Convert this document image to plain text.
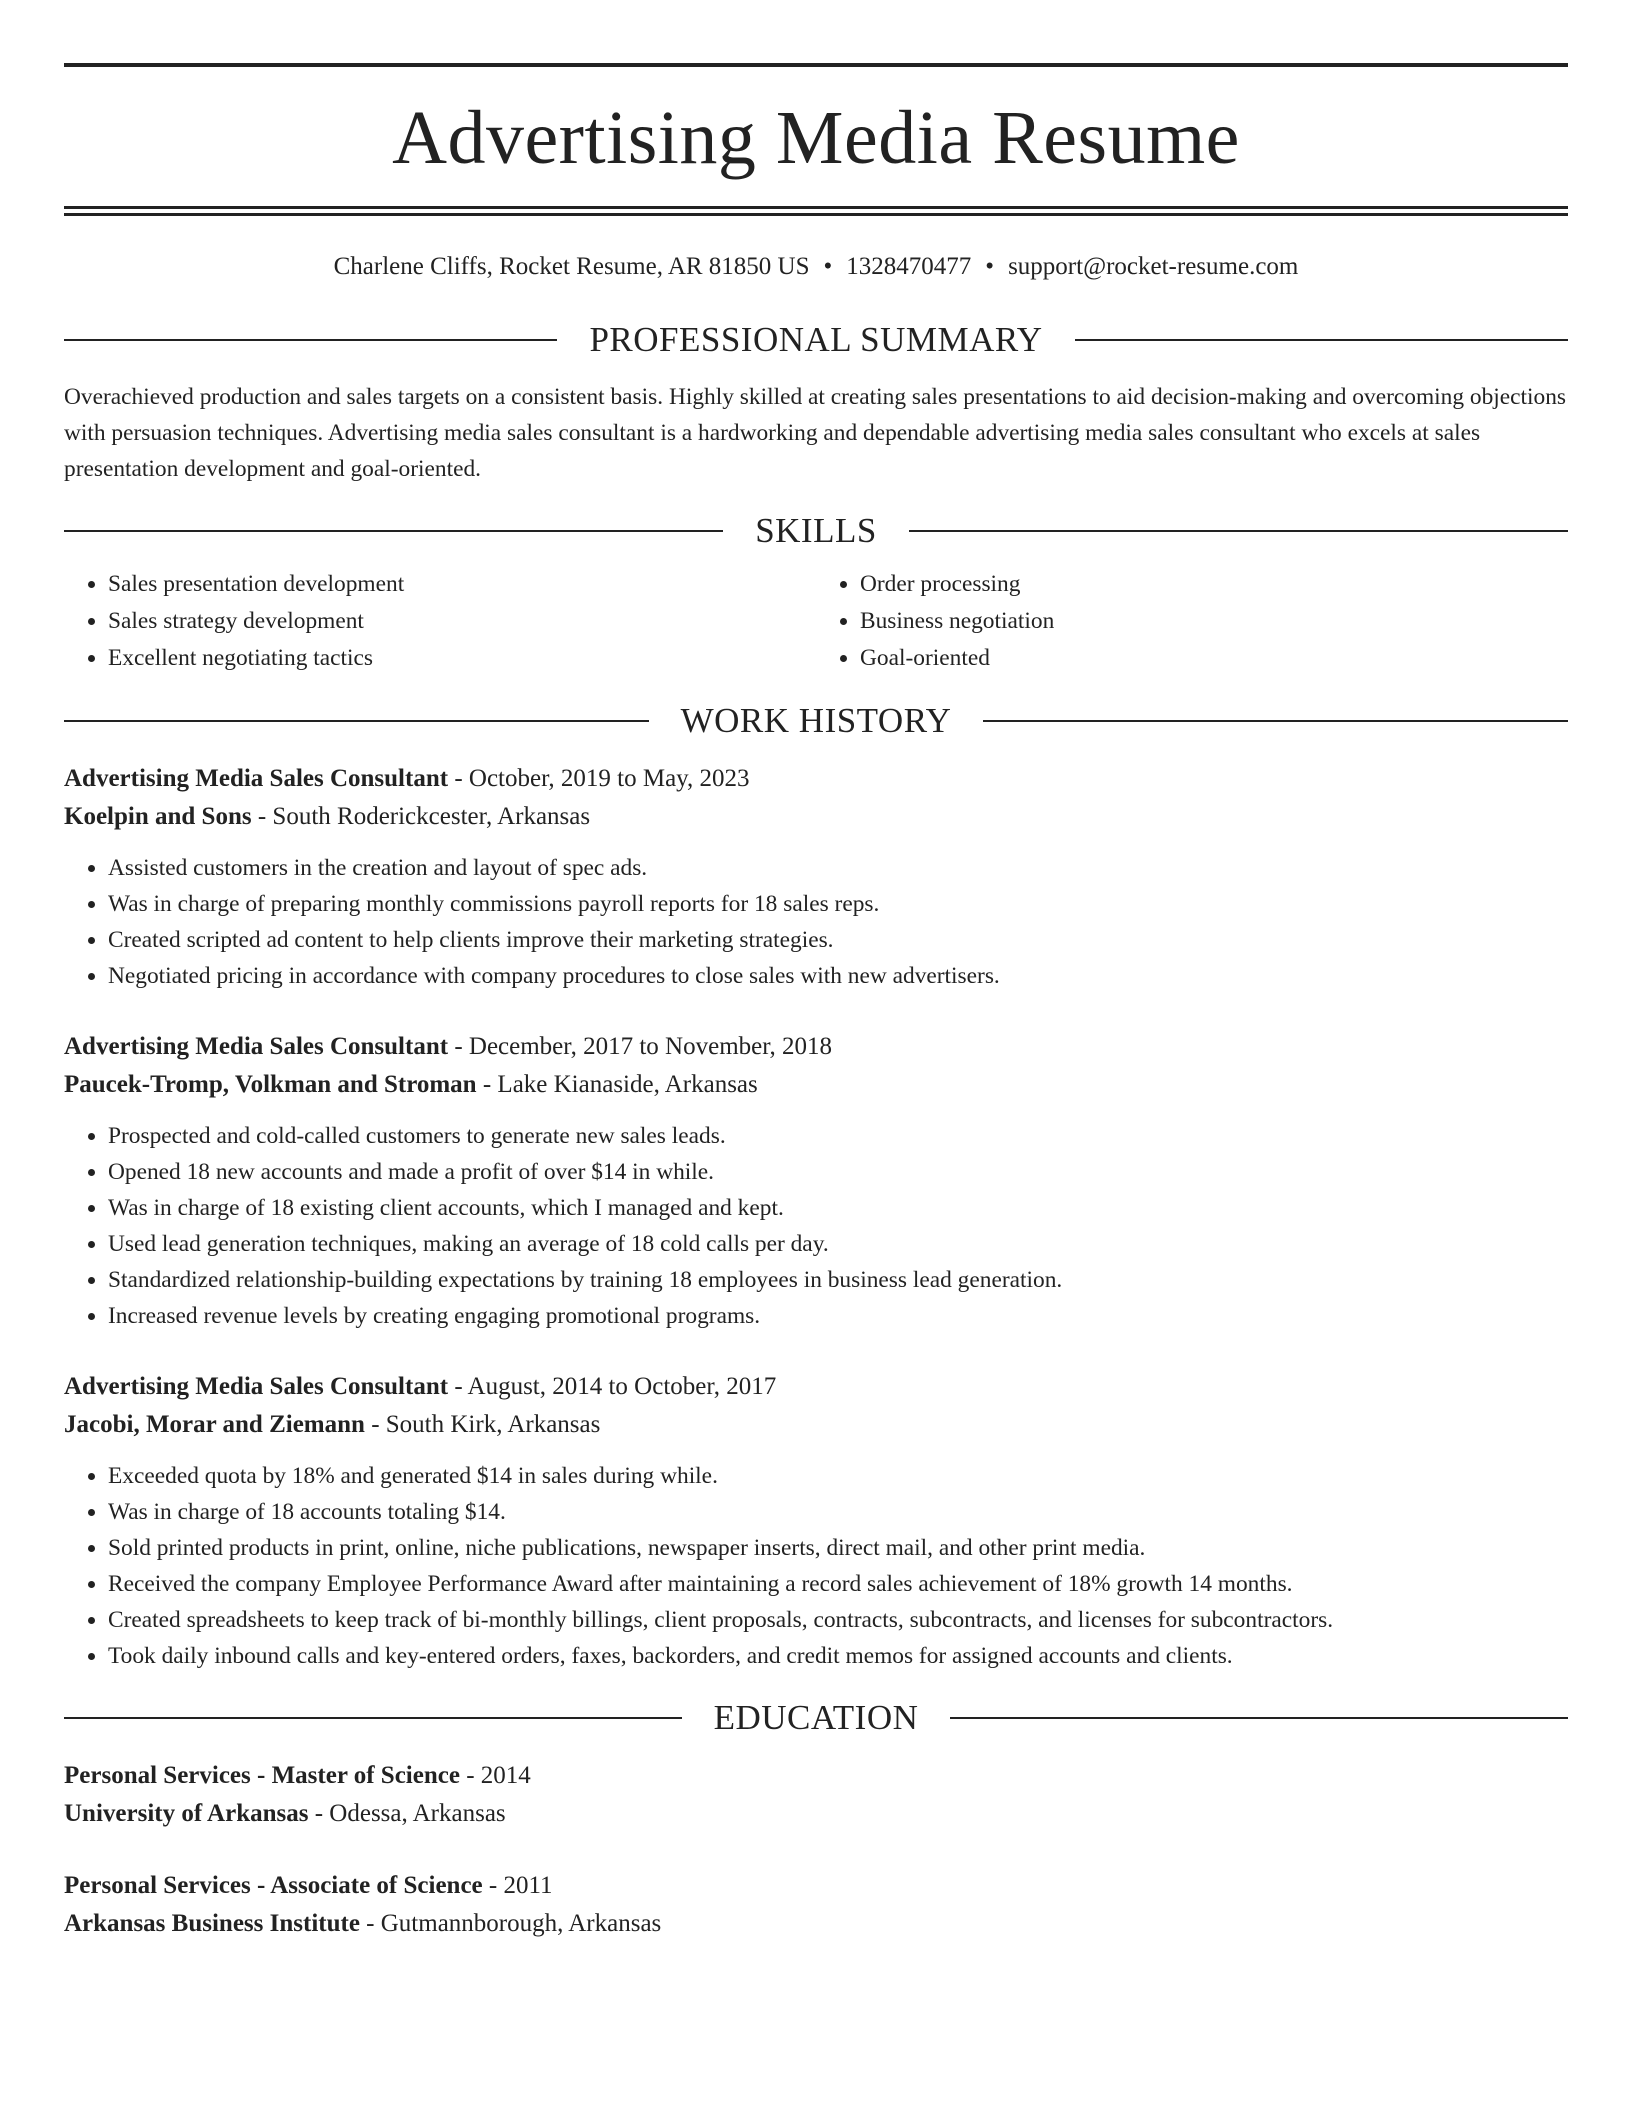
Advertising Media Resume
Charlene Cliffs, Rocket Resume, AR 81850 US • 1328470477 • support@rocket-resume.com
PROFESSIONAL SUMMARY
Overachieved production and sales targets on a consistent basis. Highly skilled at creating sales presentations to aid decision-making and overcoming objections with persuasion techniques. Advertising media sales consultant is a hardworking and dependable advertising media sales consultant who excels at sales presentation development and goal-oriented.
SKILLS
• Sales presentation development
• Sales strategy development
• Excellent negotiating tactics
• Order processing
• Business negotiation
• Goal-oriented
WORK HISTORY
Advertising Media Sales Consultant - October, 2019 to May, 2023
Koelpin and Sons - South Roderickcester, Arkansas
• Assisted customers in the creation and layout of spec ads.
• Was in charge of preparing monthly commissions payroll reports for 18 sales reps.
• Created scripted ad content to help clients improve their marketing strategies.
• Negotiated pricing in accordance with company procedures to close sales with new advertisers.
Advertising Media Sales Consultant - December, 2017 to November, 2018
Paucek-Tromp, Volkman and Stroman - Lake Kianaside, Arkansas
• Prospected and cold-called customers to generate new sales leads.
• Opened 18 new accounts and made a profit of over $14 in while.
• Was in charge of 18 existing client accounts, which I managed and kept.
• Used lead generation techniques, making an average of 18 cold calls per day.
• Standardized relationship-building expectations by training 18 employees in business lead generation.
• Increased revenue levels by creating engaging promotional programs.
Advertising Media Sales Consultant - August, 2014 to October, 2017
Jacobi, Morar and Ziemann - South Kirk, Arkansas
• Exceeded quota by 18% and generated $14 in sales during while.
• Was in charge of 18 accounts totaling $14.
• Sold printed products in print, online, niche publications, newspaper inserts, direct mail, and other print media.
• Received the company Employee Performance Award after maintaining a record sales achievement of 18% growth 14 months.
• Created spreadsheets to keep track of bi-monthly billings, client proposals, contracts, subcontracts, and licenses for subcontractors.
• Took daily inbound calls and key-entered orders, faxes, backorders, and credit memos for assigned accounts and clients.
EDUCATION
Personal Services - Master of Science - 2014
University of Arkansas - Odessa, Arkansas
Personal Services - Associate of Science - 2011
Arkansas Business Institute - Gutmannborough, Arkansas
